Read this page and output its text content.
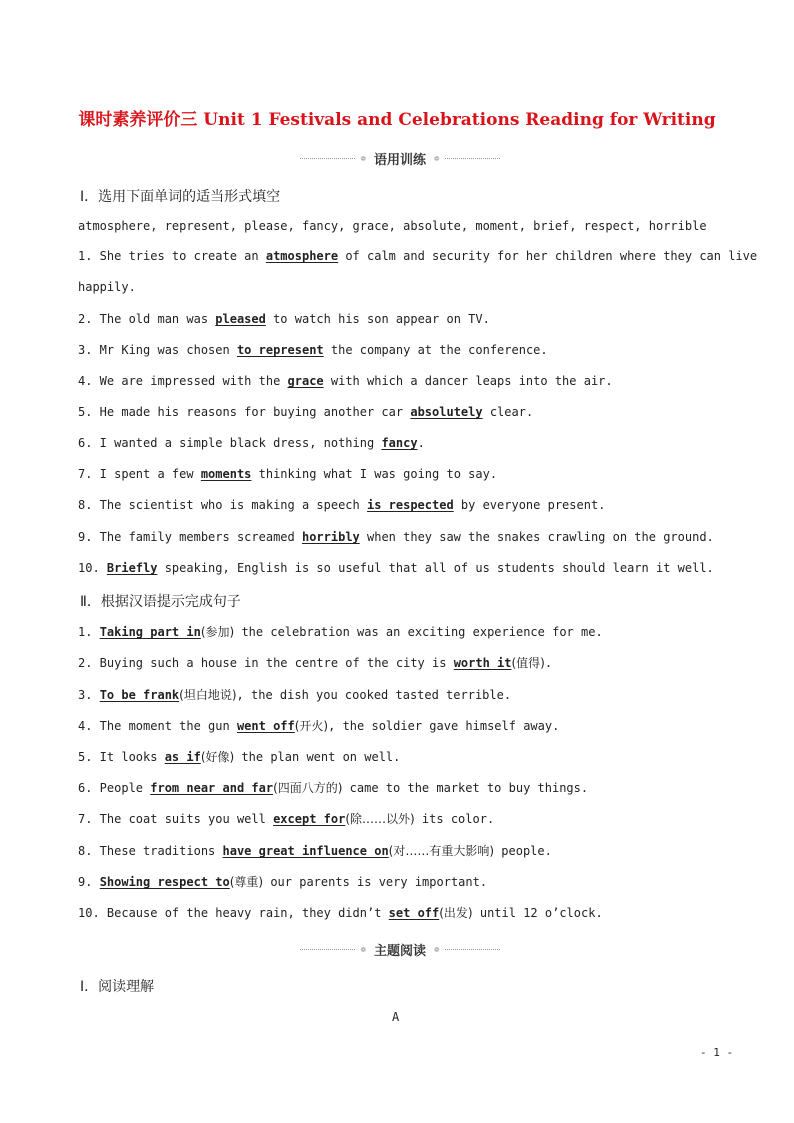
课时素养评价三 Unit 1 Festivals and Celebrations Reading for Writing
❁ 语用训练 ❁
Ⅰ．选用下面单词的适当形式填空
atmosphere, represent, please, fancy, grace, absolute, moment, brief, respect, horrible
1. She tries to create an atmosphere of calm and security for her children where they can live
happily.
2. The old man was pleased to watch his son appear on TV.
3. Mr King was chosen to represent the company at the conference.
4. We are impressed with the grace with which a dancer leaps into the air.
5. He made his reasons for buying another car absolutely clear.
6. I wanted a simple black dress, nothing fancy.
7. I spent a few moments thinking what I was going to say.
8. The scientist who is making a speech is respected by everyone present.
9. The family members screamed horribly when they saw the snakes crawling on the ground.
10. Briefly speaking, English is so useful that all of us students should learn it well.
Ⅱ．根据汉语提示完成句子
1. Taking part in(参加) the celebration was an exciting experience for me.
2. Buying such a house in the centre of the city is worth it(值得).
3. To be frank(坦白地说), the dish you cooked tasted terrible.
4. The moment the gun went off(开火), the soldier gave himself away.
5. It looks as if(好像) the plan went on well.
6. People from near and far(四面八方的) came to the market to buy things.
7. The coat suits you well except for(除……以外) its color.
8. These traditions have great influence on(对……有重大影响) people.
9. Showing respect to(尊重) our parents is very important.
10. Because of the heavy rain, they didn’t set off(出发) until 12 o’clock.
❁ 主题阅读 ❁
Ⅰ．阅读理解
A
- 1 -
